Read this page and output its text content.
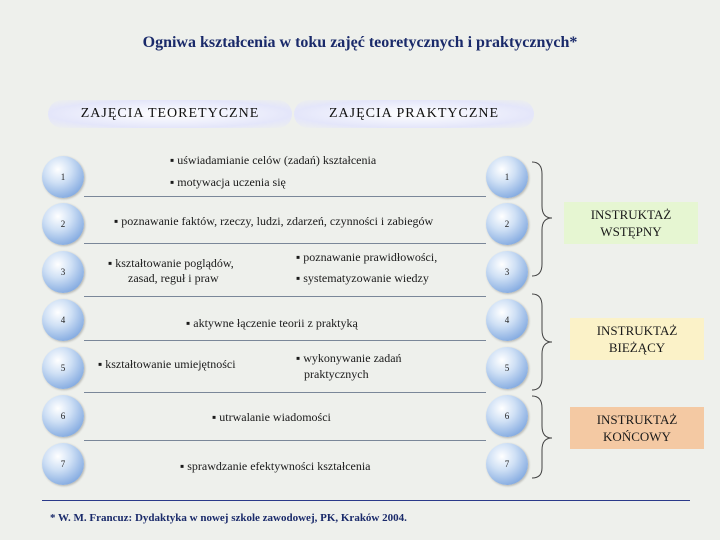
Ogniwa kształcenia w toku zajęć teoretycznych i praktycznych*
ZAJĘCIA TEORETYCZNE	ZAJĘCIA PRAKTYCZNE
1
2
3
4
5
6
7
1
2
3
4
5
6
7
▪ uświadamianie celów (zadań) kształcenia
▪ motywacja uczenia się
▪ poznawanie faktów, rzeczy, ludzi, zdarzeń, czynności i zabiegów
▪ kształtowanie poglądów,
zasad, reguł i praw
▪ poznawanie prawidłowości,
▪ systematyzowanie wiedzy
▪ aktywne łączenie teorii z praktyką
▪ kształtowanie umiejętności	▪ wykonywanie zadań
praktycznych
▪ utrwalanie wiadomości
▪ sprawdzanie efektywności kształcenia
INSTRUKTAŻ
WSTĘPNY
INSTRUKTAŻ
BIEŻĄCY
INSTRUKTAŻ
KOŃCOWY
* W. M. Francuz: Dydaktyka w nowej szkole zawodowej, PK, Kraków 2004.
